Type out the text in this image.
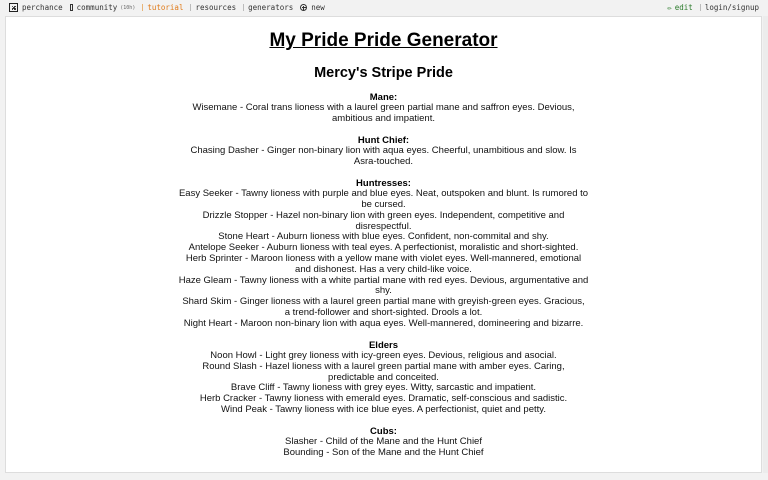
perchance community (10h) tutorial resources generators new	✏ edit login/signup
My Pride Pride Generator
Mercy's Stripe Pride
Mane:
Wisemane - Coral trans lioness with a laurel green partial mane and saffron eyes. Devious, ambitious and impatient.
Hunt Chief:
Chasing Dasher - Ginger non-binary lion with aqua eyes. Cheerful, unambitious and slow. Is Asra-touched.
Huntresses:
Easy Seeker - Tawny lioness with purple and blue eyes. Neat, outspoken and blunt. Is rumored to be cursed.
Drizzle Stopper - Hazel non-binary lion with green eyes. Independent, competitive and disrespectful.
Stone Heart - Auburn lioness with blue eyes. Confident, non-commital and shy.
Antelope Seeker - Auburn lioness with teal eyes. A perfectionist, moralistic and short-sighted.
Herb Sprinter - Maroon lioness with a yellow mane with violet eyes. Well-mannered, emotional and dishonest. Has a very child-like voice.
Haze Gleam - Tawny lioness with a white partial mane with red eyes. Devious, argumentative and shy.
Shard Skim - Ginger lioness with a laurel green partial mane with greyish-green eyes. Gracious, a trend-follower and short-sighted. Drools a lot.
Night Heart - Maroon non-binary lion with aqua eyes. Well-mannered, domineering and bizarre.
Elders
Noon Howl - Light grey lioness with icy-green eyes. Devious, religious and asocial.
Round Slash - Hazel lioness with a laurel green partial mane with amber eyes. Caring, predictable and conceited.
Brave Cliff - Tawny lioness with grey eyes. Witty, sarcastic and impatient.
Herb Cracker - Tawny lioness with emerald eyes. Dramatic, self-conscious and sadistic.
Wind Peak - Tawny lioness with ice blue eyes. A perfectionist, quiet and petty.
Cubs:
Slasher - Child of the Mane and the Hunt Chief
Bounding - Son of the Mane and the Hunt Chief
